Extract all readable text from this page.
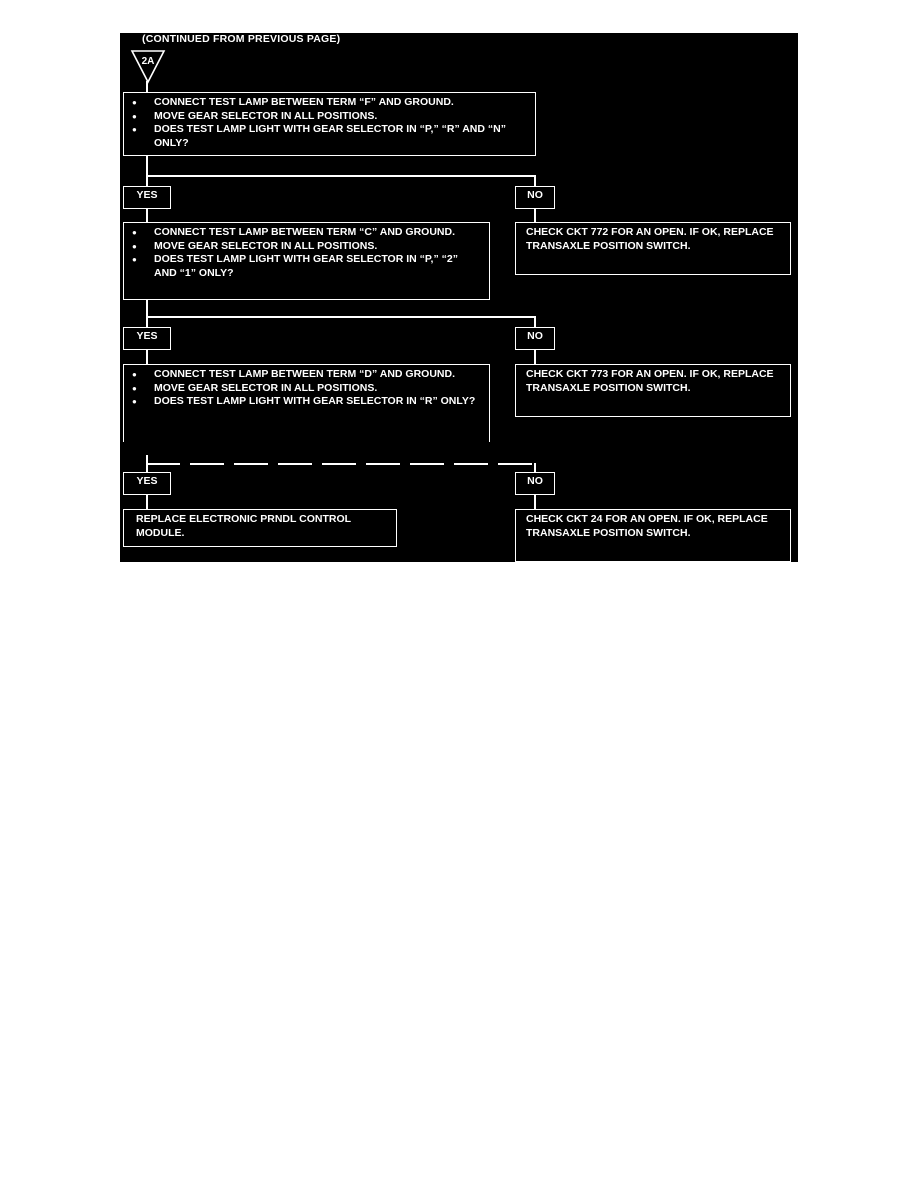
(CONTINUED FROM PREVIOUS PAGE)
2A
● CONNECT TEST LAMP BETWEEN TERM “F” AND GROUND.
● MOVE GEAR SELECTOR IN ALL POSITIONS.
● DOES TEST LAMP LIGHT WITH GEAR SELECTOR IN “P,” “R” AND “N” ONLY?
YES	NO
● CONNECT TEST LAMP BETWEEN TERM “C” AND GROUND.
● MOVE GEAR SELECTOR IN ALL POSITIONS.
● DOES TEST LAMP LIGHT WITH GEAR SELECTOR IN “P,” “2” AND “1” ONLY?
CHECK CKT 772 FOR AN OPEN. IF OK, REPLACE TRANSAXLE POSITION SWITCH.
YES	NO
● CONNECT TEST LAMP BETWEEN TERM “D” AND GROUND.
● MOVE GEAR SELECTOR IN ALL POSITIONS.
● DOES TEST LAMP LIGHT WITH GEAR SELECTOR IN “R” ONLY?
CHECK CKT 773 FOR AN OPEN. IF OK, REPLACE TRANSAXLE POSITION SWITCH.
YES	NO
REPLACE ELECTRONIC PRNDL CONTROL MODULE.
CHECK CKT 24 FOR AN OPEN. IF OK, REPLACE TRANSAXLE POSITION SWITCH.
